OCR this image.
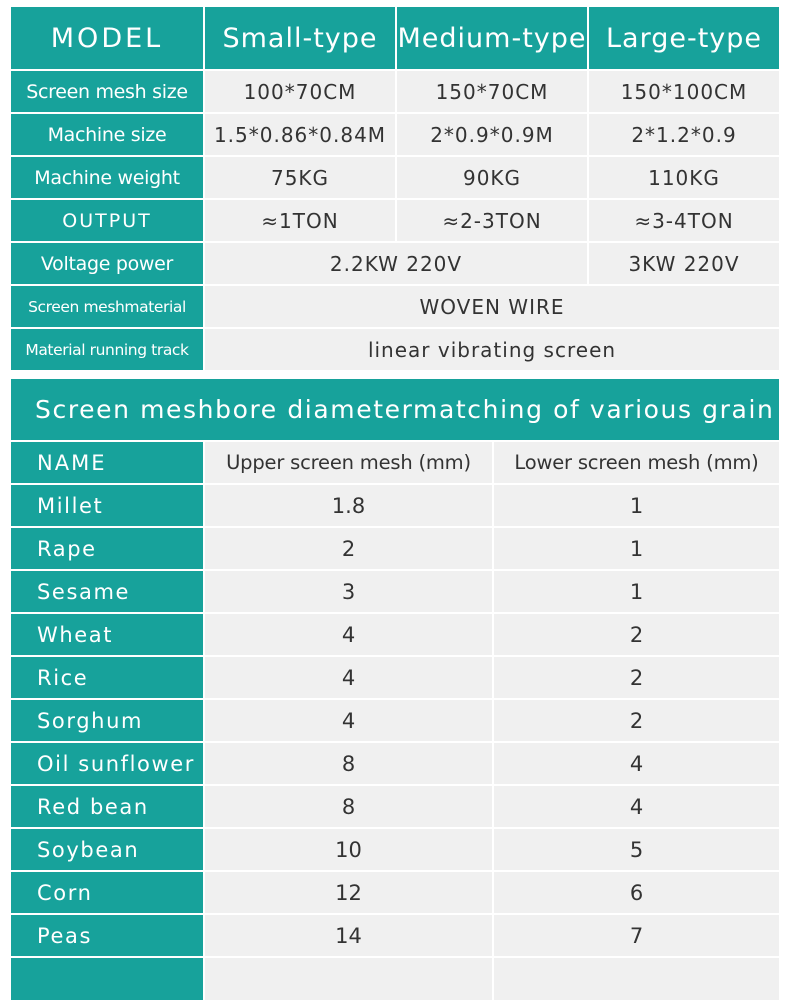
MODEL	Small-type Medium-type Large-type
Screen mesh size	100*70CM	150*70CM	150*100CM
Machine size	1.5*0.86*0.84M	2*0.9*0.9M	2*1.2*0.9
Machine weight	75KG	90KG	110KG
OUTPUT	≈1TON	≈2-3TON	≈3-4TON
Voltage power	2.2KW 220V	3KW 220V
Screen meshmaterial	WOVEN WIRE
Material running track	linear vibrating screen
Screen meshbore diametermatching of various grain
NAME	Upper screen mesh (mm)	Lower screen mesh (mm)
Millet	1.8	1
Rape	2	1
Sesame	3	1
Wheat	4	2
Rice	4	2
Sorghum	4	2
Oil sunflower	8	4
Red bean	8	4
Soybean	10	5
Corn	12	6
Peas	14	7
